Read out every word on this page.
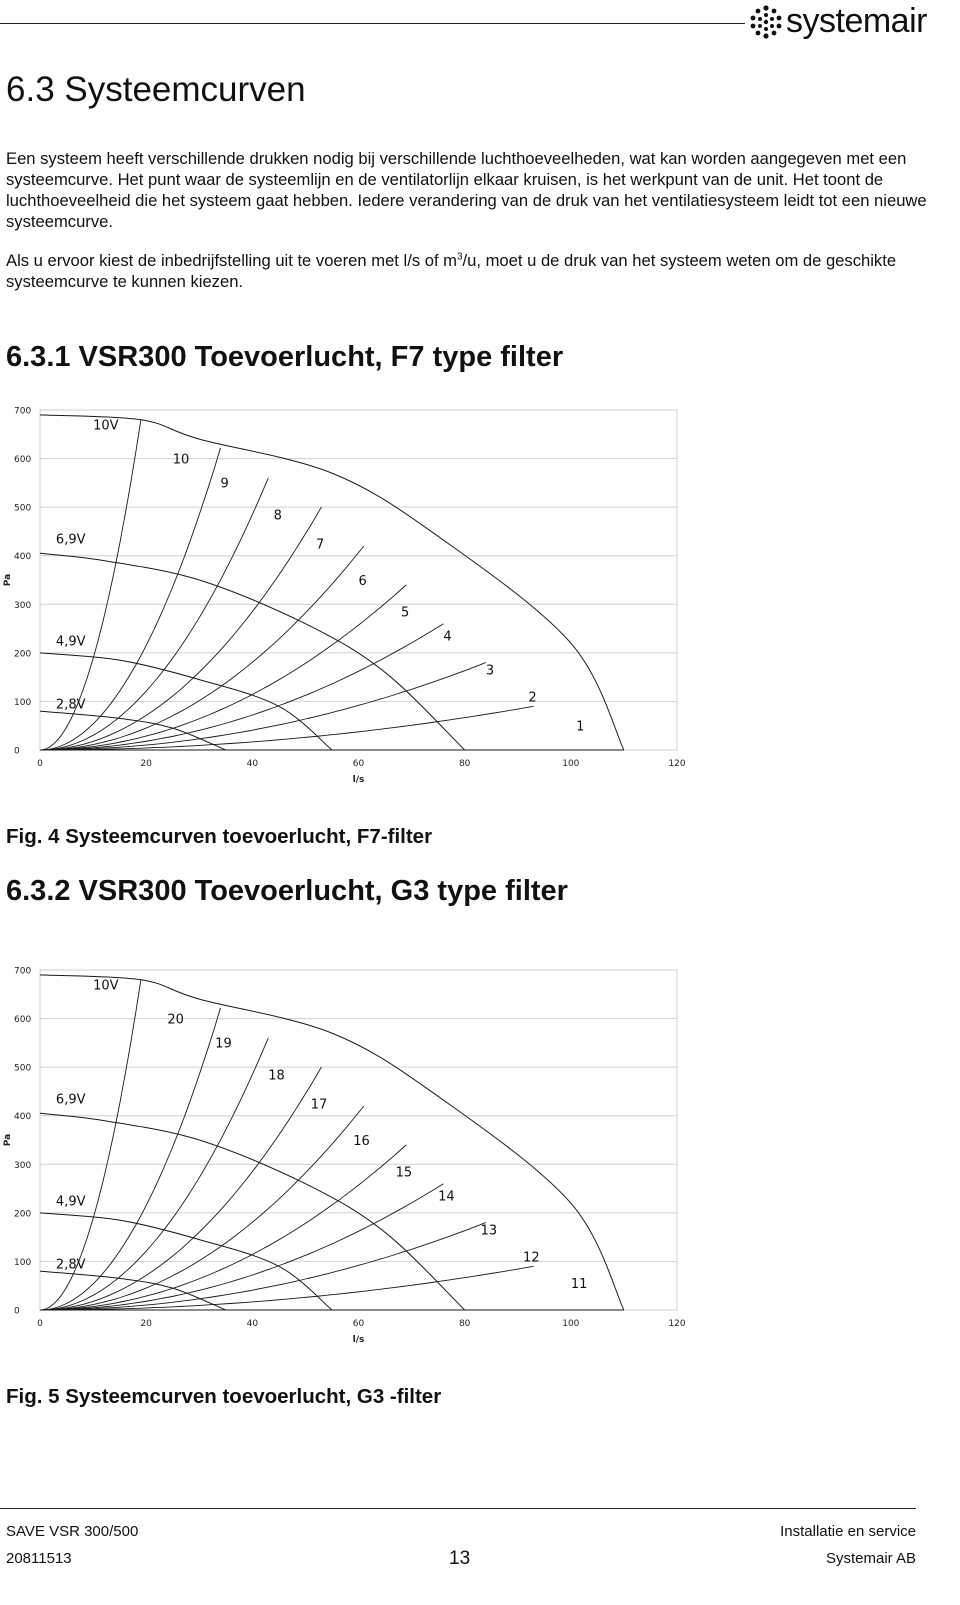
systemair
6.3 Systeemcurven

Een systeem heeft verschillende drukken nodig bij verschillende luchthoeveelheden, wat kan worden aangegeven met een systeemcurve. Het punt waar de systeemlijn en de ventilatorlijn elkaar kruisen, is het werkpunt van de unit. Het toont de luchthoeveelheid die het systeem gaat hebben. Iedere verandering van de druk van het ventilatiesysteem leidt tot een nieuwe systeemcurve.

Als u ervoor kiest de inbedrijfstelling uit te voeren met l/s of $m^3/u$, moet u de druk van het systeem weten om de geschikte systeemcurve te kunnen kiezen.

6.3.1 VSR300 Toevoerlucht, F7 type filter
0
100
200
300
400
500
600
700
0	20	40	60	80	100	120
l/s
Pa
10V
10
9
8
7
6
5
4
3
2
1
6,9V
4,9V
2,8V

Fig. 4 Systeemcurven toevoerlucht, F7-filter

6.3.2 VSR300 Toevoerlucht, G3 type filter
0
100
200
300
400
500
600
700
0	20	40	60	80	100	120
l/s
Pa
10V
20
19
18
17
16
15
14
13
12
11
6,9V
4,9V
2,8V

Fig. 5 Systeemcurven toevoerlucht, G3 -filter

SAVE VSR 300/500
20811513	13
Installatie en service
Systemair AB
